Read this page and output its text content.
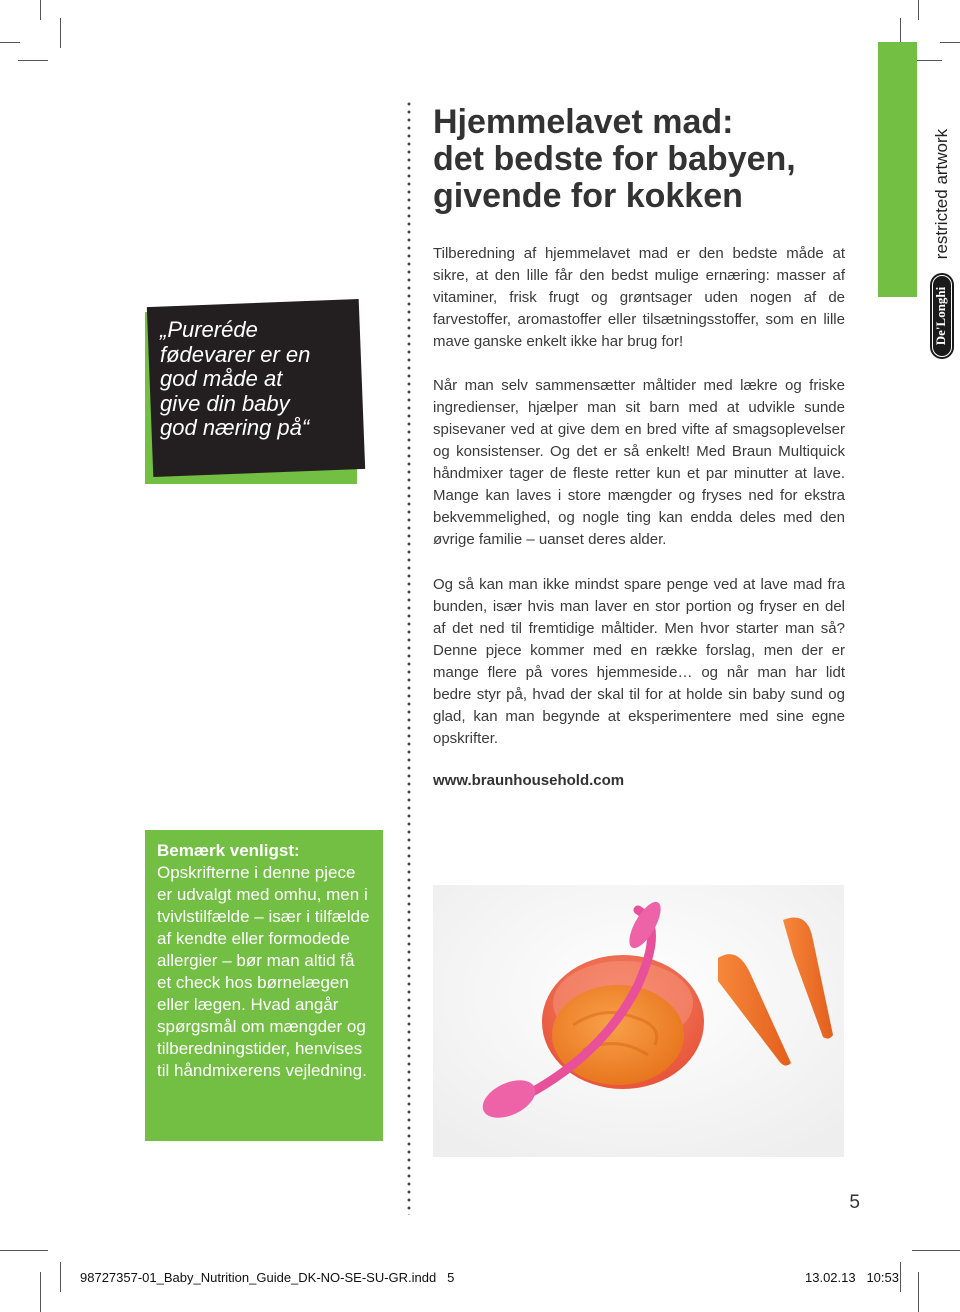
Hjemmelavet mad:
det bedste for babyen,
givende for kokken

Tilberedning af hjemmelavet mad er den bedste måde at sikre, at den lille får den bedst mulige ernæring: masser af vitaminer, frisk frugt og grøntsager uden nogen af de farvestoffer, aromastoffer eller tilsætningsstoffer, som en lille mave ganske enkelt ikke har brug for!

Når man selv sammensætter måltider med lækre og friske ingredienser, hjælper man sit barn med at udvikle sunde spisevaner ved at give dem en bred vifte af smagsoplevelser og konsistenser. Og det er så enkelt! Med Braun Multiquick håndmixer tager de fleste retter kun et par minutter at lave. Mange kan laves i store mængder og fryses ned for ekstra bekvemmelighed, og nogle ting kan endda deles med den øvrige familie – uanset deres alder.

Og så kan man ikke mindst spare penge ved at lave mad fra bunden, især hvis man laver en stor portion og fryser en del af det ned til fremtidige måltider. Men hvor starter man så? Denne pjece kommer med en række forslag, men der er mange flere på vores hjemmeside… og når man har lidt bedre styr på, hvad der skal til for at holde sin baby sund og glad, kan man begynde at eksperimentere med sine egne opskrifter.

www.braunhousehold.com
„Pureréde
fødevarer er en
god måde at
give din baby
god næring på“
Bemærk venligst:
Opskrifterne i denne pjece er udvalgt med omhu, men i tvivlstilfælde – især i tilfælde af kendte eller formodede allergier – bør man altid få et check hos børnelægen eller lægen. Hvad angår spørgsmål om mængder og tilberedningstider, henvises til håndmixerens vejledning.
restricted artwork
De'Longhi
5
98727357-01_Baby_Nutrition_Guide_DK-NO-SE-SU-GR.indd   5	13.02.13   10:53
